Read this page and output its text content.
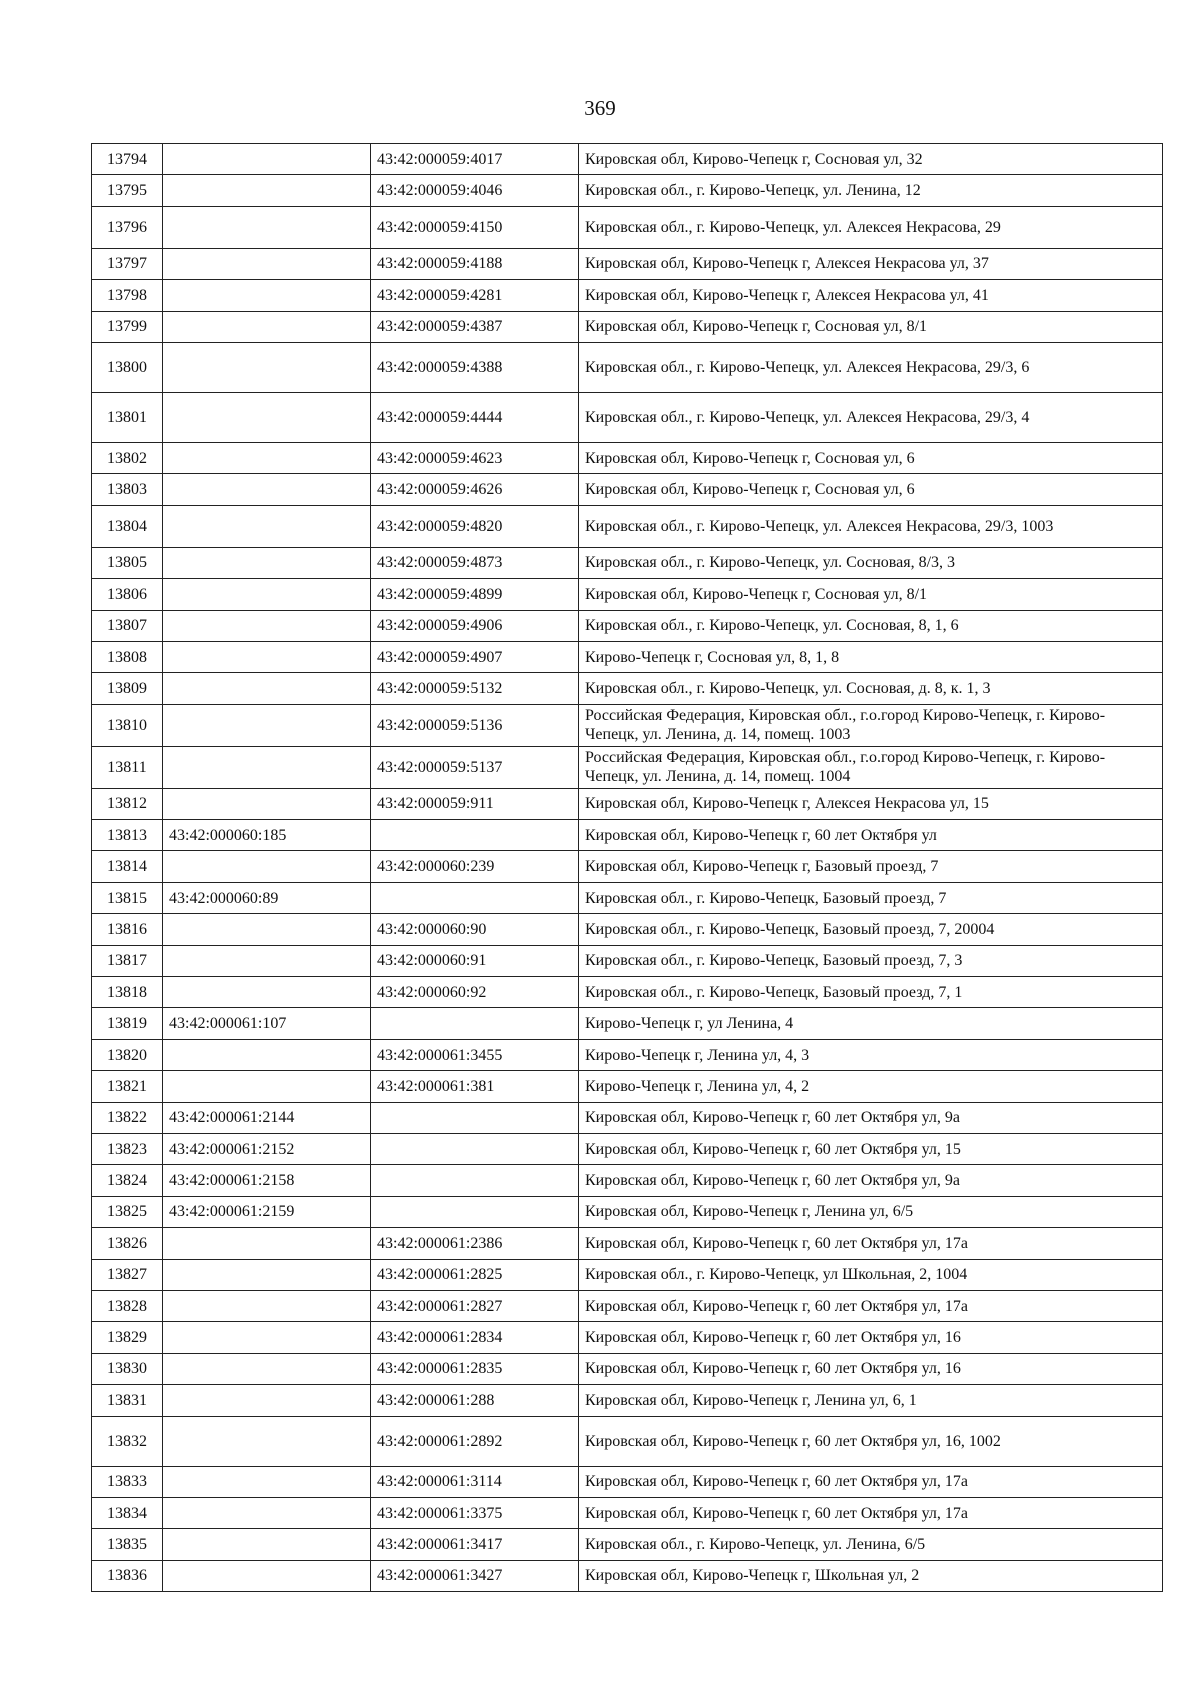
369
13794		43:42:000059:4017	Кировская обл, Кирово-Чепецк г, Сосновая ул, 32
13795		43:42:000059:4046	Кировская обл., г. Кирово-Чепецк, ул. Ленина, 12
13796		43:42:000059:4150	Кировская обл., г. Кирово-Чепецк, ул. Алексея Некрасова, 29
13797		43:42:000059:4188	Кировская обл, Кирово-Чепецк г, Алексея Некрасова ул, 37
13798		43:42:000059:4281	Кировская обл, Кирово-Чепецк г, Алексея Некрасова ул, 41
13799		43:42:000059:4387	Кировская обл, Кирово-Чепецк г, Сосновая ул, 8/1
13800		43:42:000059:4388	Кировская обл., г. Кирово-Чепецк, ул. Алексея Некрасова, 29/3, 6
13801		43:42:000059:4444	Кировская обл., г. Кирово-Чепецк, ул. Алексея Некрасова, 29/3, 4
13802		43:42:000059:4623	Кировская обл, Кирово-Чепецк г, Сосновая ул, 6
13803		43:42:000059:4626	Кировская обл, Кирово-Чепецк г, Сосновая ул, 6
13804		43:42:000059:4820	Кировская обл., г. Кирово-Чепецк, ул. Алексея Некрасова, 29/3, 1003
13805		43:42:000059:4873	Кировская обл., г. Кирово-Чепецк, ул. Сосновая, 8/3, 3
13806		43:42:000059:4899	Кировская обл, Кирово-Чепецк г, Сосновая ул, 8/1
13807		43:42:000059:4906	Кировская обл., г. Кирово-Чепецк, ул. Сосновая, 8, 1, 6
13808		43:42:000059:4907	Кирово-Чепецк г, Сосновая ул, 8, 1, 8
13809		43:42:000059:5132	Кировская обл., г. Кирово-Чепецк, ул. Сосновая, д. 8, к. 1, 3
13810		43:42:000059:5136	Российская Федерация, Кировская обл., г.о.город Кирово-Чепецк, г. Кирово-Чепецк, ул. Ленина, д. 14, помещ. 1003
13811		43:42:000059:5137	Российская Федерация, Кировская обл., г.о.город Кирово-Чепецк, г. Кирово-Чепецк, ул. Ленина, д. 14, помещ. 1004
13812		43:42:000059:911	Кировская обл, Кирово-Чепецк г, Алексея Некрасова ул, 15
13813	43:42:000060:185		Кировская обл, Кирово-Чепецк г, 60 лет Октября ул
13814		43:42:000060:239	Кировская обл, Кирово-Чепецк г, Базовый проезд, 7
13815	43:42:000060:89		Кировская обл., г. Кирово-Чепецк, Базовый проезд, 7
13816		43:42:000060:90	Кировская обл., г. Кирово-Чепецк, Базовый проезд, 7, 20004
13817		43:42:000060:91	Кировская обл., г. Кирово-Чепецк, Базовый проезд, 7, 3
13818		43:42:000060:92	Кировская обл., г. Кирово-Чепецк, Базовый проезд, 7, 1
13819	43:42:000061:107		Кирово-Чепецк г, ул Ленина, 4
13820		43:42:000061:3455	Кирово-Чепецк г, Ленина ул, 4, 3
13821		43:42:000061:381	Кирово-Чепецк г, Ленина ул, 4, 2
13822	43:42:000061:2144		Кировская обл, Кирово-Чепецк г, 60 лет Октября ул, 9а
13823	43:42:000061:2152		Кировская обл, Кирово-Чепецк г, 60 лет Октября ул, 15
13824	43:42:000061:2158		Кировская обл, Кирово-Чепецк г, 60 лет Октября ул, 9а
13825	43:42:000061:2159		Кировская обл, Кирово-Чепецк г, Ленина ул, 6/5
13826		43:42:000061:2386	Кировская обл, Кирово-Чепецк г, 60 лет Октября ул, 17а
13827		43:42:000061:2825	Кировская обл., г. Кирово-Чепецк, ул Школьная, 2, 1004
13828		43:42:000061:2827	Кировская обл, Кирово-Чепецк г, 60 лет Октября ул, 17а
13829		43:42:000061:2834	Кировская обл, Кирово-Чепецк г, 60 лет Октября ул, 16
13830		43:42:000061:2835	Кировская обл, Кирово-Чепецк г, 60 лет Октября ул, 16
13831		43:42:000061:288	Кировская обл, Кирово-Чепецк г, Ленина ул, 6, 1
13832		43:42:000061:2892	Кировская обл, Кирово-Чепецк г, 60 лет Октября ул, 16, 1002
13833		43:42:000061:3114	Кировская обл, Кирово-Чепецк г, 60 лет Октября ул, 17а
13834		43:42:000061:3375	Кировская обл, Кирово-Чепецк г, 60 лет Октября ул, 17а
13835		43:42:000061:3417	Кировская обл., г. Кирово-Чепецк, ул. Ленина, 6/5
13836		43:42:000061:3427	Кировская обл, Кирово-Чепецк г, Школьная ул, 2
